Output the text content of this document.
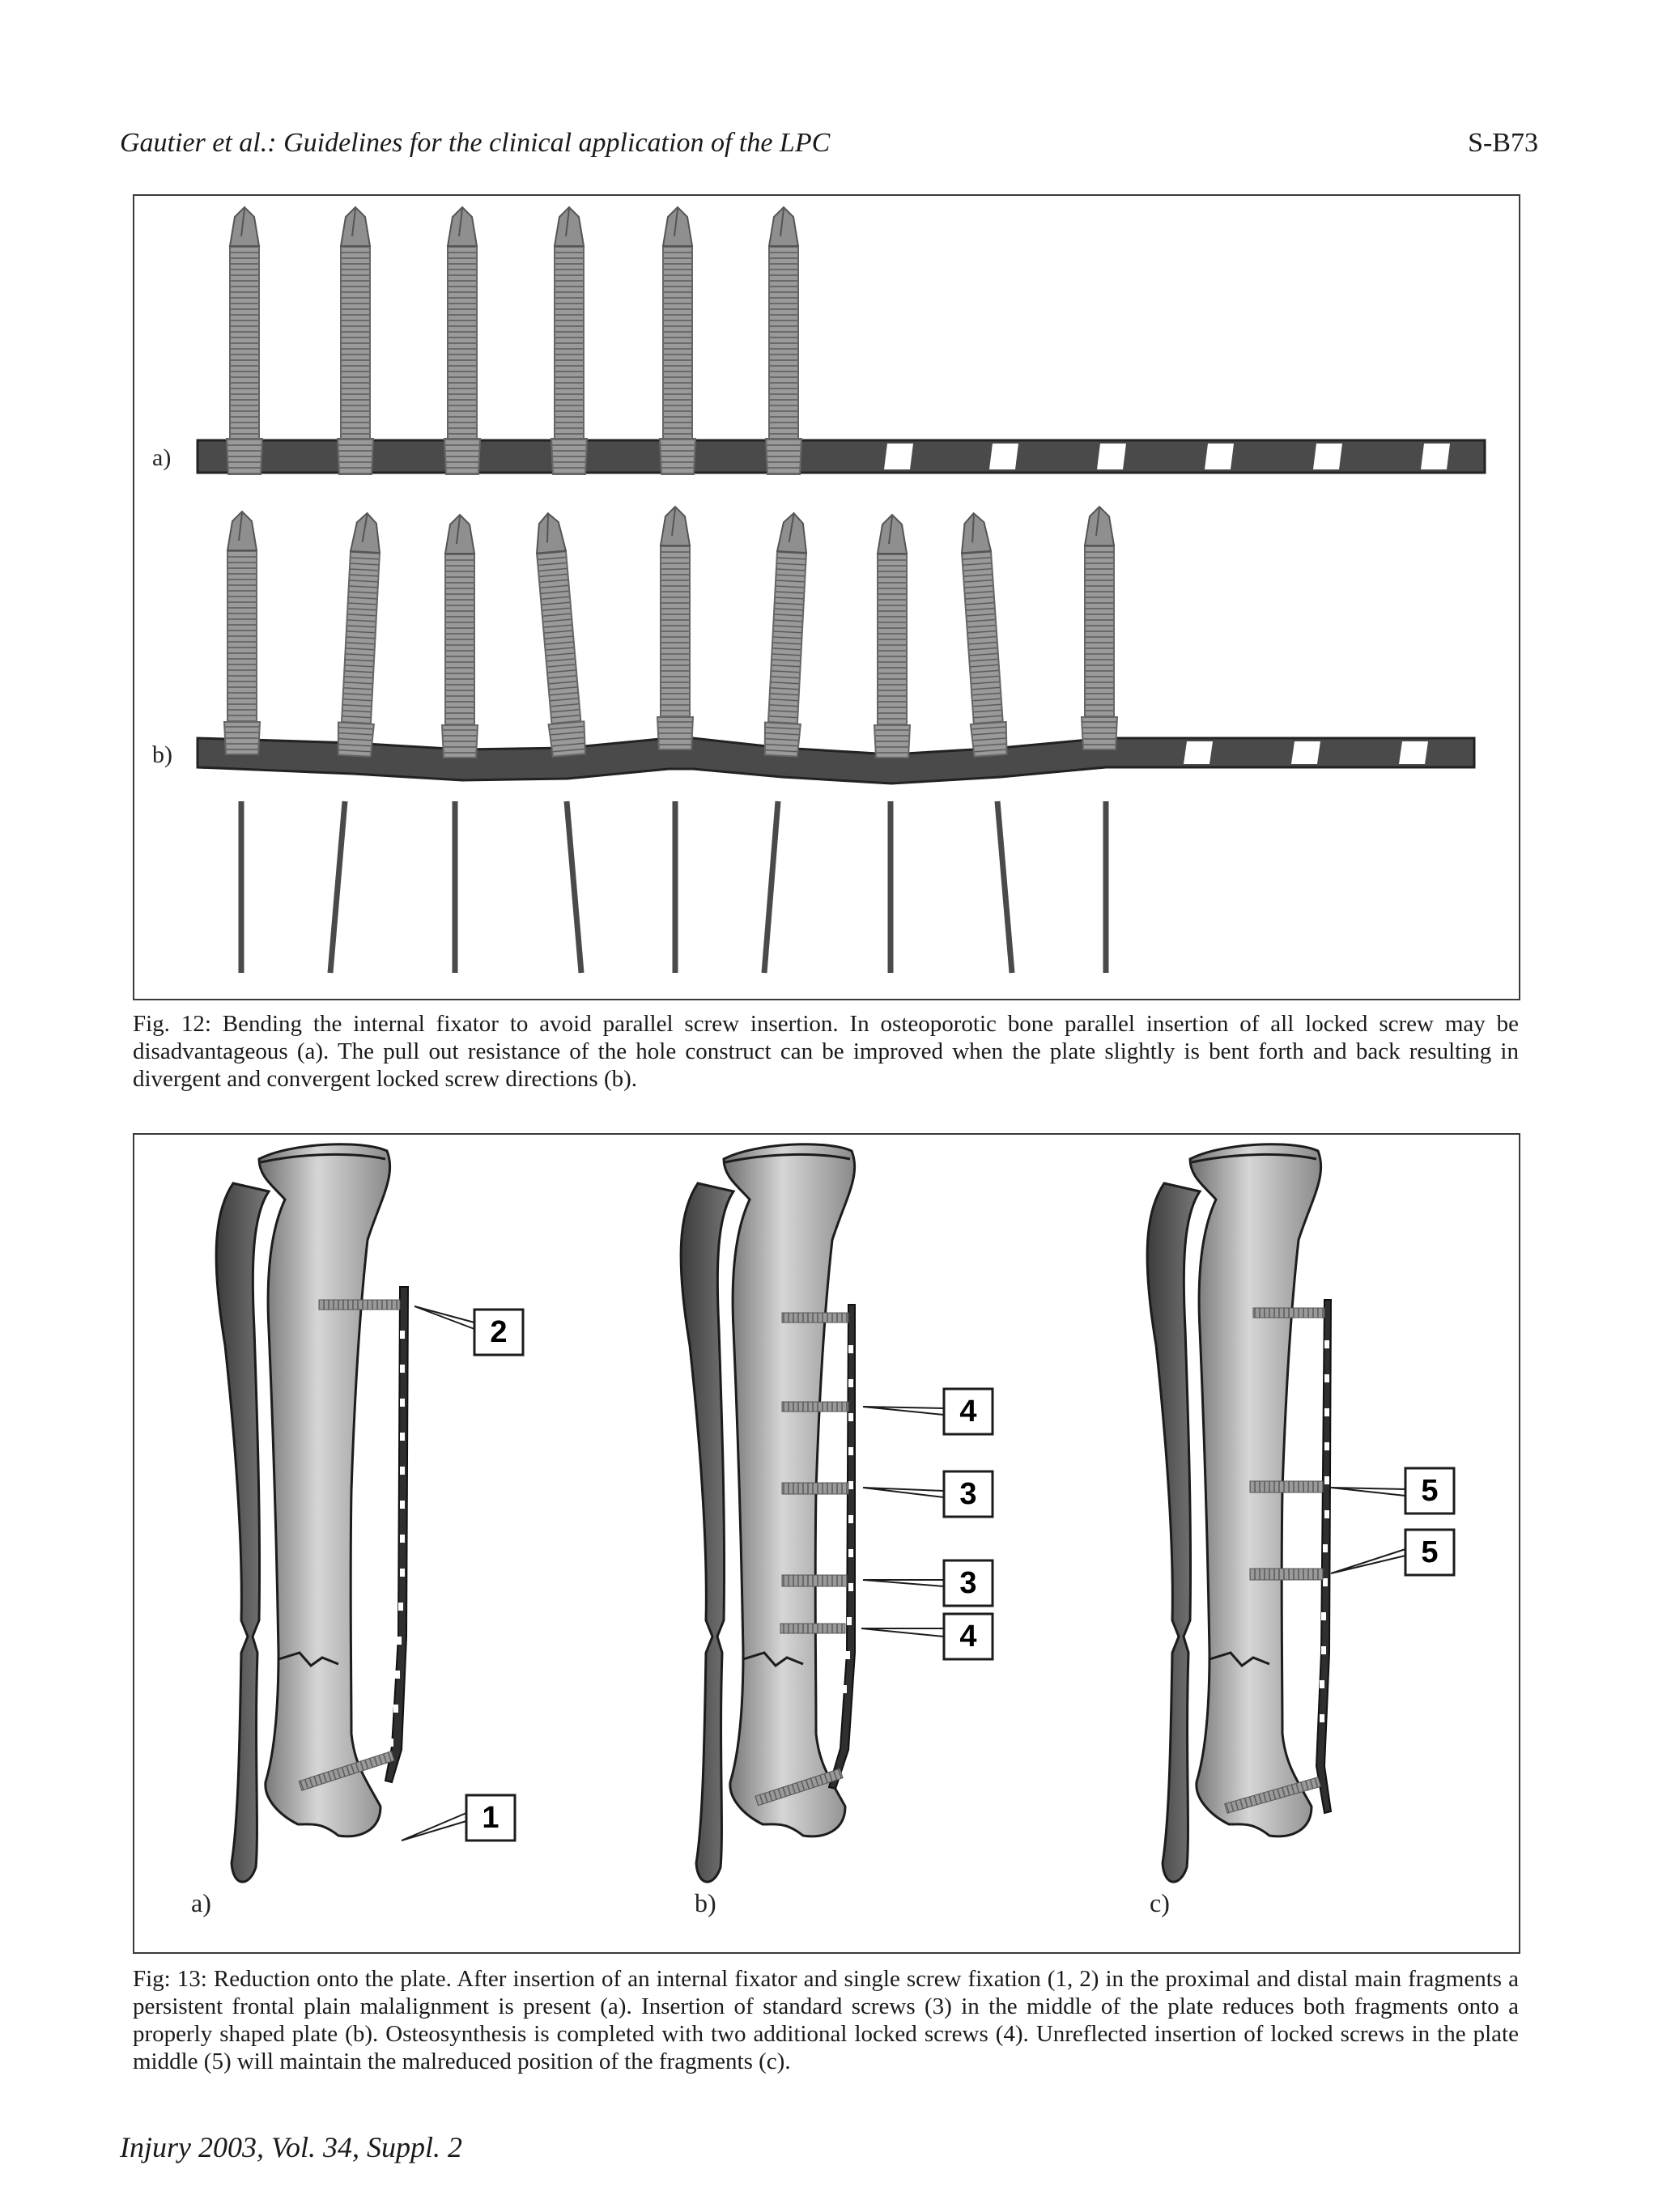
Gautier et al.: Guidelines for the clinical application of the LPC	S-B73
a)
b)
Fig. 12: Bending the internal fixator to avoid parallel screw insertion. In osteoporotic bone parallel insertion of all locked screw may be disadvantageous (a). The pull out resistance of the hole construct can be improved when the plate slightly is bent forth and back resulting in divergent and convergent locked screw directions (b).
2
1
a)
4
3
3
4
b)
5
5
c)
Fig: 13: Reduction onto the plate. After insertion of an internal fixator and single screw fixation (1, 2) in the proximal and distal main fragments a persistent frontal plain malalignment is present (a). Insertion of standard screws (3) in the middle of the plate reduces both fragments onto a properly shaped plate (b). Osteosynthesis is completed with two additional locked screws (4). Unreflected insertion of locked screws in the plate middle (5) will maintain the malreduced position of the fragments (c).
Injury 2003, Vol. 34, Suppl. 2
